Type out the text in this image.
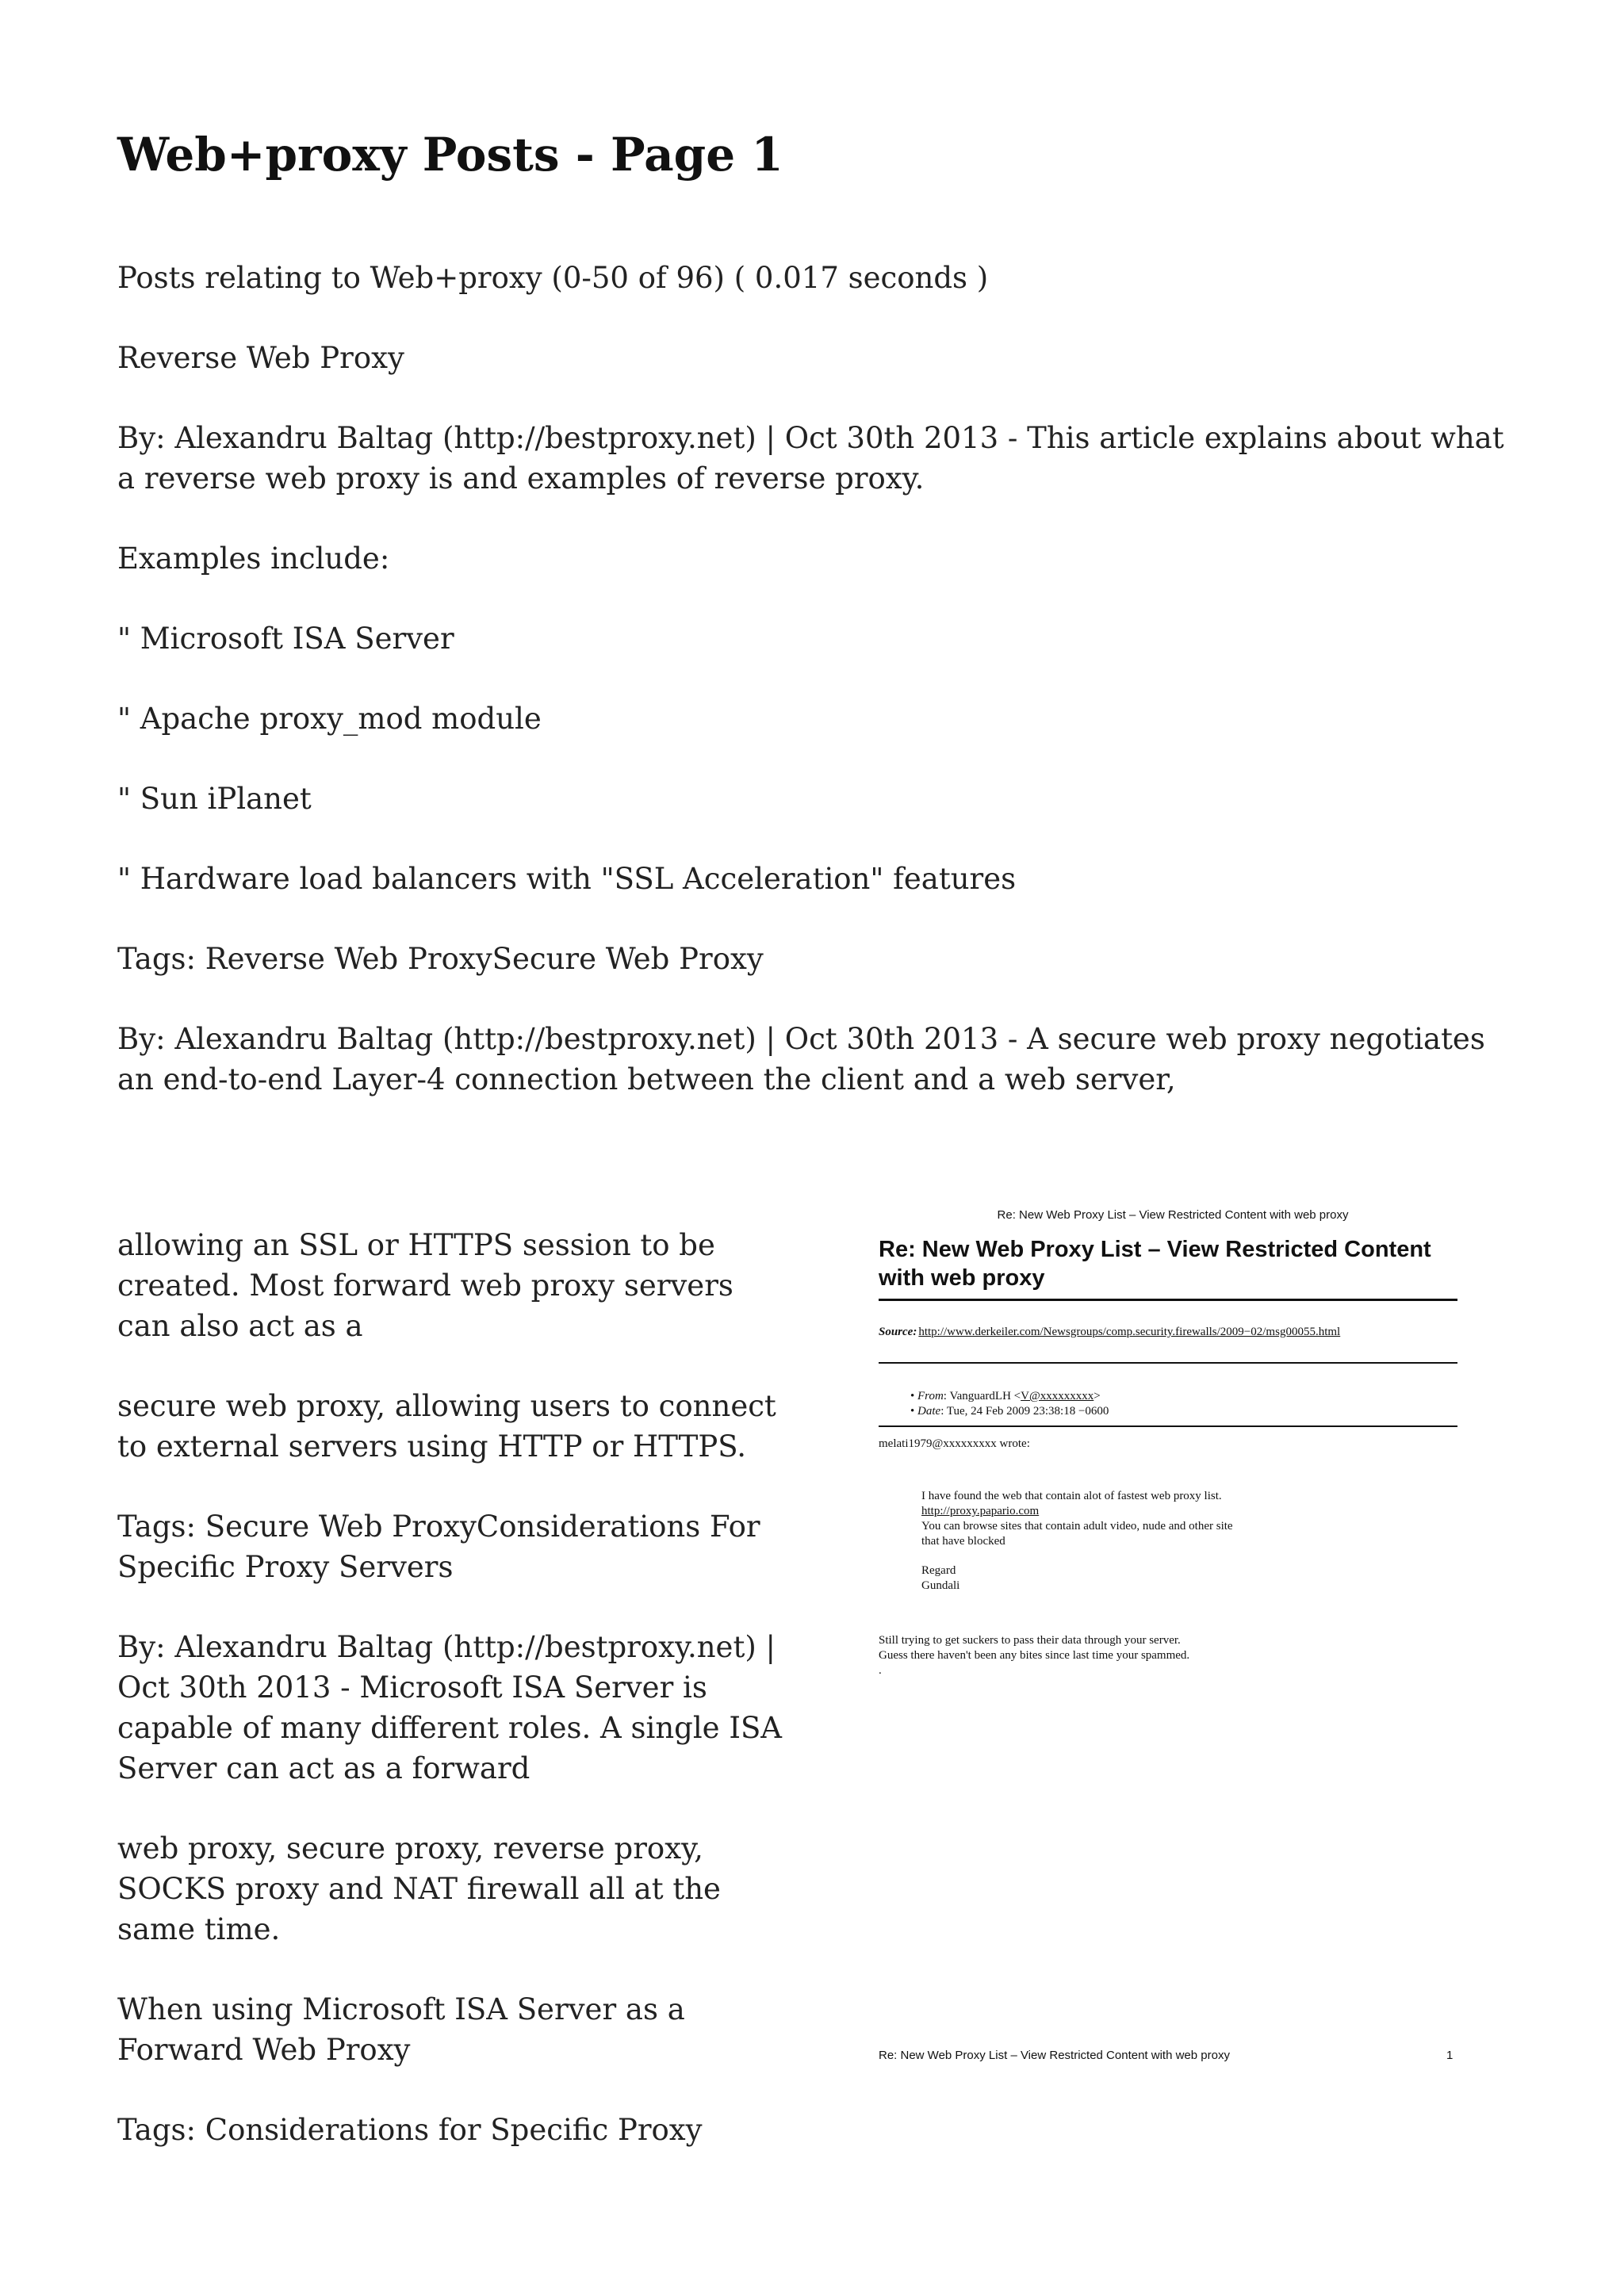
Web+proxy Posts - Page 1

Posts relating to Web+proxy (0-50 of 96) ( 0.017 seconds )

Reverse Web Proxy

By: Alexandru Baltag (http://bestproxy.net) | Oct 30th 2013 - This article explains about what a reverse web proxy is and examples of reverse proxy.

Examples include:

" Microsoft ISA Server

" Apache proxy_mod module

" Sun iPlanet

" Hardware load balancers with "SSL Acceleration" features

Tags: Reverse Web ProxySecure Web Proxy

By: Alexandru Baltag (http://bestproxy.net) | Oct 30th 2013 - A secure web proxy negotiates an end-to-end Layer-4 connection between the client and a web server,

allowing an SSL or HTTPS session to be created. Most forward web proxy servers can also act as a

secure web proxy, allowing users to connect to external servers using HTTP or HTTPS.

Tags: Secure Web ProxyConsiderations For Specific Proxy Servers

By: Alexandru Baltag (http://bestproxy.net) | Oct 30th 2013 - Microsoft ISA Server is capable of many different roles. A single ISA Server can act as a forward

web proxy, secure proxy, reverse proxy, SOCKS proxy and NAT firewall all at the same time.

When using Microsoft ISA Server as a Forward Web Proxy

Tags: Considerations for Specific Proxy

Re: New Web Proxy List – View Restricted Content with web proxy
Re: New Web Proxy List – View Restricted Content with web proxy
Source: http://www.derkeiler.com/Newsgroups/comp.security.firewalls/2009−02/msg00055.html
• From: VanguardLH <V@xxxxxxxxx>
• Date: Tue, 24 Feb 2009 23:38:18 −0600
melati1979@xxxxxxxxx wrote:
I have found the web that contain alot of fastest web proxy list.
http://proxy.papario.com
You can browse sites that contain adult video, nude and other site
that have blocked
Regard
Gundali
Still trying to get suckers to pass their data through your server.
Guess there haven't been any bites since last time your spammed.
.
Re: New Web Proxy List – View Restricted Content with web proxy	1
